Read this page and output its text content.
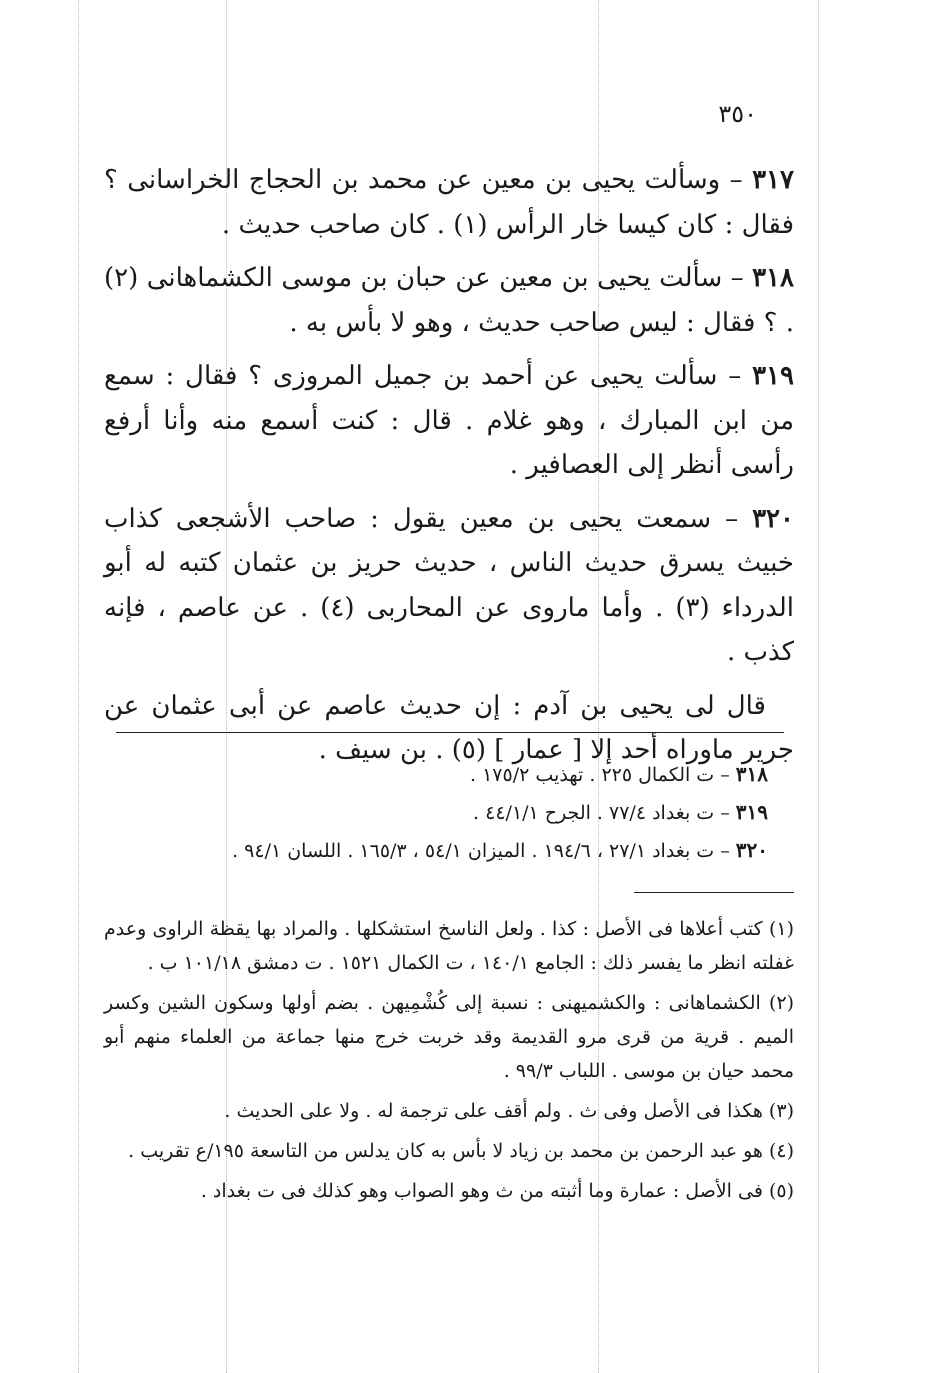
٣٥٠

٣١٧ – وسألت يحيى بن معين عن محمد بن الحجاج الخراسانى ؟ فقال : كان كيسا خار الرأس (١) . كان صاحب حديث .

٣١٨ – سألت يحيى بن معين عن حبان بن موسى الكشماهانى (٢) . ؟ فقال : ليس صاحب حديث ، وهو لا بأس به .

٣١٩ – سألت يحيى عن أحمد بن جميل المروزى ؟ فقال : سمع من ابن المبارك ، وهو غلام . قال : كنت أسمع منه وأنا أرفع رأسى أنظر إلى العصافير .

٣٢٠ – سمعت يحيى بن معين يقول : صاحب الأشجعى كذاب خبيث يسرق حديث الناس ، حديث حريز بن عثمان كتبه له أبو الدرداء (٣) . وأما ماروى عن المحاربى (٤) . عن عاصم ، فإنه كذب .

قال لى يحيى بن آدم : إن حديث عاصم عن أبى عثمان عن جرير ماوراه أحد إلا [ عمار ] (٥) . بن سيف .

٣١٨ – ت الكمال ٢٢٥ . تهذيب ١٧٥/٢ .
٣١٩ – ت بغداد ٧٧/٤ . الجرح ٤٤/١/١ .
٣٢٠ – ت بغداد ٢٧/١ ، ١٩٤/٦ . الميزان ٥٤/١ ، ١٦٥/٣ . اللسان ٩٤/١ .

(١) كتب أعلاها فى الأصل : كذا . ولعل الناسخ استشكلها . والمراد بها يقظة الراوى وعدم غفلته انظر ما يفسر ذلك : الجامع ١٤٠/١ ، ت الكمال ١٥٢١ . ت دمشق ١٠١/١٨ ب .

(٢) الكشماهانى : والكشميهنى : نسبة إلى كُشْمِيهن . بضم أولها وسكون الشين وكسر الميم . قرية من قرى مرو القديمة وقد خربت خرج منها جماعة من العلماء منهم أبو محمد حيان بن موسى . اللباب ٩٩/٣ .

(٣) هكذا فى الأصل وفى ث . ولم أقف على ترجمة له . ولا على الحديث .

(٤) هو عبد الرحمن بن محمد بن زياد لا بأس به كان يدلس من التاسعة ١٩٥/ع تقريب .

(٥) فى الأصل : عمارة وما أثبته من ث وهو الصواب وهو كذلك فى ت بغداد .
